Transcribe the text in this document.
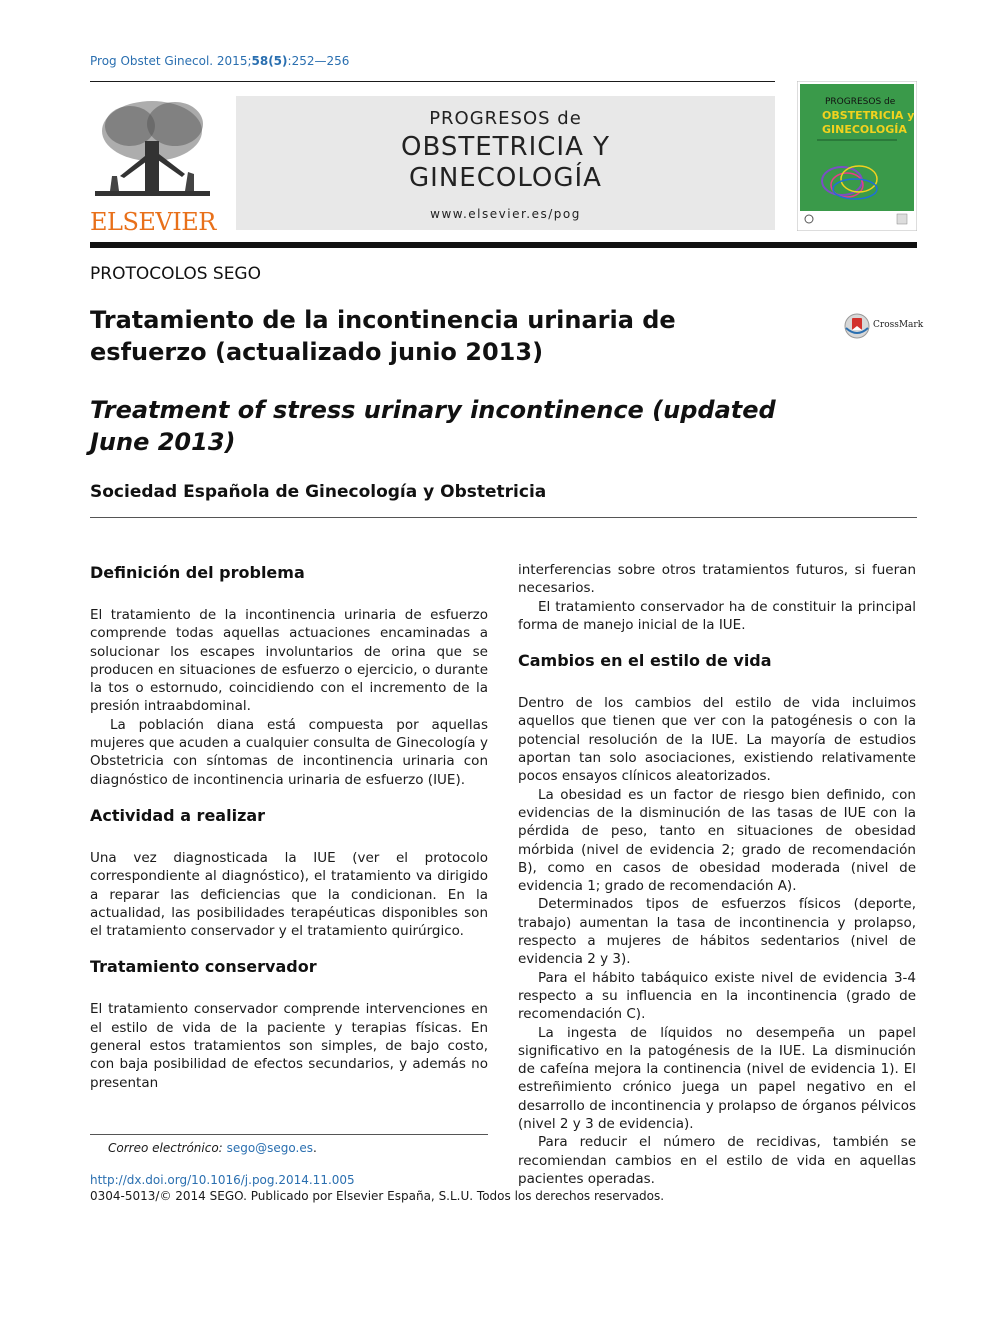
Prog Obstet Ginecol. 2015;58(5):252—256
ELSEVIER
PROGRESOS de
OBSTETRICIA Y
GINECOLOGÍA
www.elsevier.es/pog
PROGRESOS de
OBSTETRICIA y
GINECOLOGÍA
PROTOCOLOS SEGO
Tratamiento de la incontinencia urinaria de esfuerzo (actualizado junio 2013)
CrossMark
Treatment of stress urinary incontinence (updated June 2013)
Sociedad Española de Ginecología y Obstetricia
Definición del problema

El tratamiento de la incontinencia urinaria de esfuerzo comprende todas aquellas actuaciones encaminadas a solucionar los escapes involuntarios de orina que se producen en situaciones de esfuerzo o ejercicio, o durante la tos o estornudo, coincidiendo con el incremento de la presión intraabdominal.

La población diana está compuesta por aquellas mujeres que acuden a cualquier consulta de Ginecología y Obstetricia con síntomas de incontinencia urinaria con diagnóstico de incontinencia urinaria de esfuerzo (IUE).

Actividad a realizar

Una vez diagnosticada la IUE (ver el protocolo correspondiente al diagnóstico), el tratamiento va dirigido a reparar las deficiencias que la condicionan. En la actualidad, las posibilidades terapéuticas disponibles son el tratamiento conservador y el tratamiento quirúrgico.

Tratamiento conservador

El tratamiento conservador comprende intervenciones en el estilo de vida de la paciente y terapias físicas. En general estos tratamientos son simples, de bajo costo, con baja posibilidad de efectos secundarios, y además no presentan

interferencias sobre otros tratamientos futuros, si fueran necesarios.

El tratamiento conservador ha de constituir la principal forma de manejo inicial de la IUE.

Cambios en el estilo de vida

Dentro de los cambios del estilo de vida incluimos aquellos que tienen que ver con la patogénesis o con la potencial resolución de la IUE. La mayoría de estudios aportan tan solo asociaciones, existiendo relativamente pocos ensayos clínicos aleatorizados.

La obesidad es un factor de riesgo bien definido, con evidencias de la disminución de las tasas de IUE con la pérdida de peso, tanto en situaciones de obesidad mórbida (nivel de evidencia 2; grado de recomendación B), como en casos de obesidad moderada (nivel de evidencia 1; grado de recomendación A).

Determinados tipos de esfuerzos físicos (deporte, trabajo) aumentan la tasa de incontinencia y prolapso, respecto a mujeres de hábitos sedentarios (nivel de evidencia 2 y 3).

Para el hábito tabáquico existe nivel de evidencia 3-4 respecto a su influencia en la incontinencia (grado de recomendación C).

La ingesta de líquidos no desempeña un papel significativo en la patogénesis de la IUE. La disminución de cafeína mejora la continencia (nivel de evidencia 1). El estreñimiento crónico juega un papel negativo en el desarrollo de incontinencia y prolapso de órganos pélvicos (nivel 2 y 3 de evidencia).

Para reducir el número de recidivas, también se recomiendan cambios en el estilo de vida en aquellas pacientes operadas.

Correo electrónico: sego@sego.es.
http://dx.doi.org/10.1016/j.pog.2014.11.005
0304-5013/© 2014 SEGO. Publicado por Elsevier España, S.L.U. Todos los derechos reservados.
